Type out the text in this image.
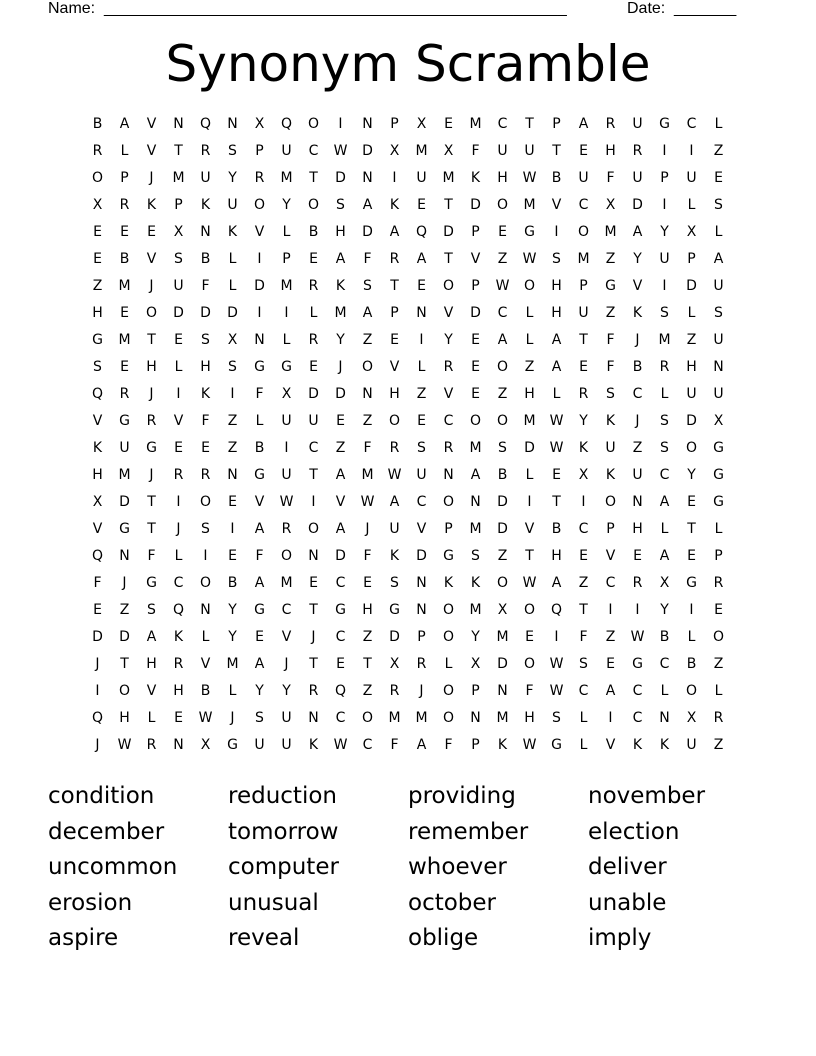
Name: ____________________________________________________	Date: _______
Synonym Scramble
B	A	V	N	Q	N	X	Q	O	I	N	P	X	E	M	C	T	P	A	R	U	G	C	L
R	L	V	T	R	S	P	U	C	W	D	X	M	X	F	U	U	T	E	H	R	I	I	Z
O	P	J	M	U	Y	R	M	T	D	N	I	U	M	K	H	W	B	U	F	U	P	U	E
X	R	K	P	K	U	O	Y	O	S	A	K	E	T	D	O	M	V	C	X	D	I	L	S
E	E	E	X	N	K	V	L	B	H	D	A	Q	D	P	E	G	I	O	M	A	Y	X	L
E	B	V	S	B	L	I	P	E	A	F	R	A	T	V	Z	W	S	M	Z	Y	U	P	A
Z	M	J	U	F	L	D	M	R	K	S	T	E	O	P	W	O	H	P	G	V	I	D	U
H	E	O	D	D	D	I	I	L	M	A	P	N	V	D	C	L	H	U	Z	K	S	L	S
G	M	T	E	S	X	N	L	R	Y	Z	E	I	Y	E	A	L	A	T	F	J	M	Z	U
S	E	H	L	H	S	G	G	E	J	O	V	L	R	E	O	Z	A	E	F	B	R	H	N
Q	R	J	I	K	I	F	X	D	D	N	H	Z	V	E	Z	H	L	R	S	C	L	U	U
V	G	R	V	F	Z	L	U	U	E	Z	O	E	C	O	O	M	W	Y	K	J	S	D	X
K	U	G	E	E	Z	B	I	C	Z	F	R	S	R	M	S	D	W	K	U	Z	S	O	G
H	M	J	R	R	N	G	U	T	A	M	W	U	N	A	B	L	E	X	K	U	C	Y	G
X	D	T	I	O	E	V	W	I	V	W	A	C	O	N	D	I	T	I	O	N	A	E	G
V	G	T	J	S	I	A	R	O	A	J	U	V	P	M	D	V	B	C	P	H	L	T	L
Q	N	F	L	I	E	F	O	N	D	F	K	D	G	S	Z	T	H	E	V	E	A	E	P
F	J	G	C	O	B	A	M	E	C	E	S	N	K	K	O	W	A	Z	C	R	X	G	R
E	Z	S	Q	N	Y	G	C	T	G	H	G	N	O	M	X	O	Q	T	I	I	Y	I	E
D	D	A	K	L	Y	E	V	J	C	Z	D	P	O	Y	M	E	I	F	Z	W	B	L	O
J	T	H	R	V	M	A	J	T	E	T	X	R	L	X	D	O	W	S	E	G	C	B	Z
I	O	V	H	B	L	Y	Y	R	Q	Z	R	J	O	P	N	F	W	C	A	C	L	O	L
Q	H	L	E	W	J	S	U	N	C	O	M	M	O	N	M	H	S	L	I	C	N	X	R
J	W	R	N	X	G	U	U	K	W	C	F	A	F	P	K	W	G	L	V	K	K	U	Z
condition	reduction	providing	november
december	tomorrow	remember	election
uncommon	computer	whoever	deliver
erosion	unusual	october	unable
aspire	reveal	oblige	imply
